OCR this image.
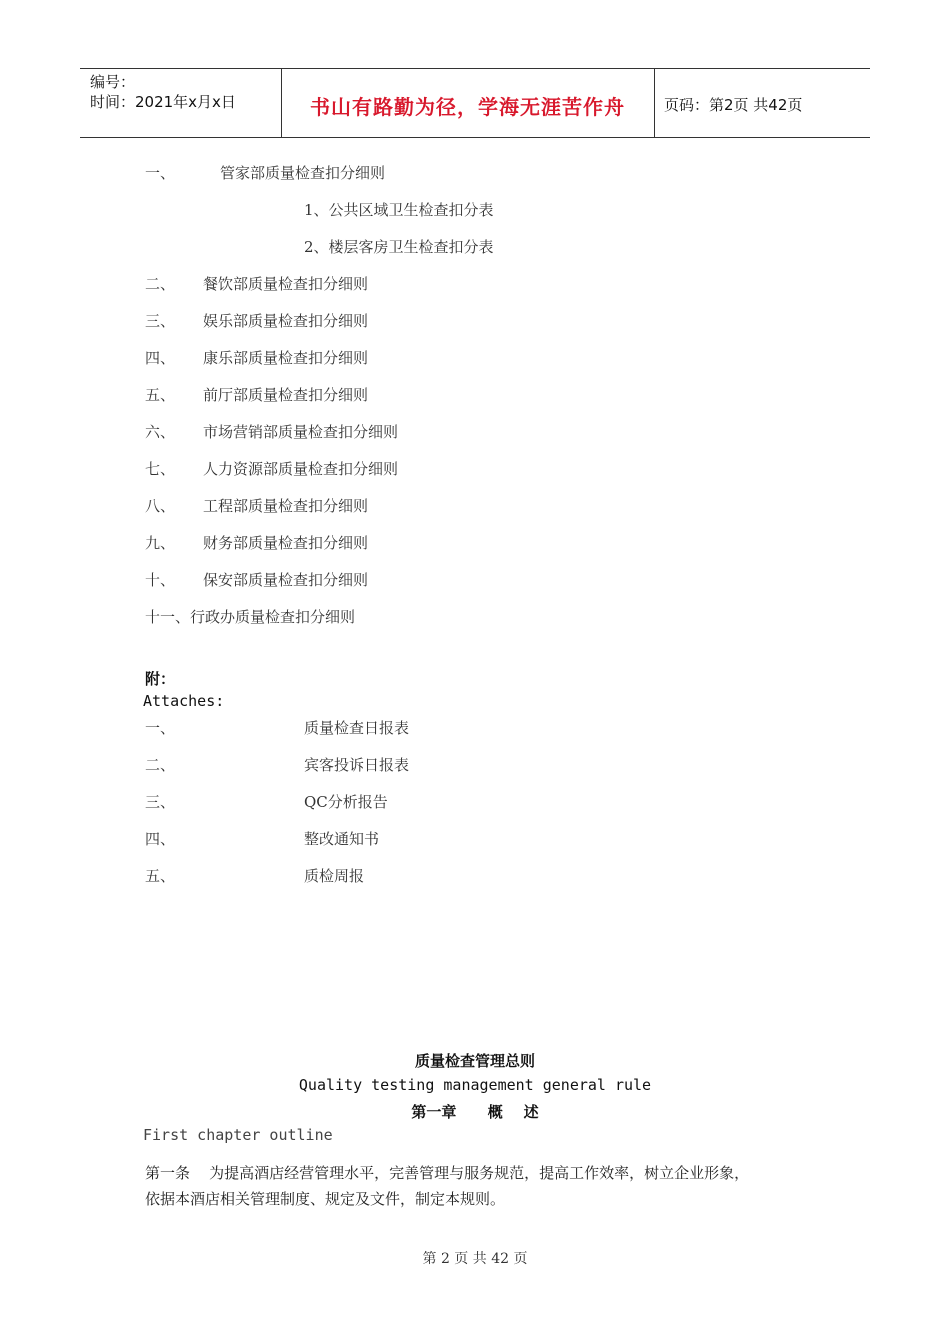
编号：
时间：2021年x月x日	书山有路勤为径，学海无涯苦作舟	页码：第2页 共42页
一、	管家部质量检查扣分细则
1、公共区域卫生检查扣分表
2、楼层客房卫生检查扣分表
二、 餐饮部质量检查扣分细则
三、 娱乐部质量检查扣分细则
四、 康乐部质量检查扣分细则
五、 前厅部质量检查扣分细则
六、 市场营销部质量检查扣分细则
七、 人力资源部质量检查扣分细则
八、 工程部质量检查扣分细则
九、 财务部质量检查扣分细则
十、 保安部质量检查扣分细则
十一、行政办质量检查扣分细则
附：
Attaches:
一、	质量检查日报表
二、	宾客投诉日报表
三、	QC分析报告
四、	整改通知书
五、	质检周报
质量检查管理总则
Quality testing management general rule
第一章      概    述
First chapter outline
第一条    为提高酒店经营管理水平，完善管理与服务规范，提高工作效率，树立企业形象，
依据本酒店相关管理制度、规定及文件，制定本规则。
第 2 页 共 42 页
